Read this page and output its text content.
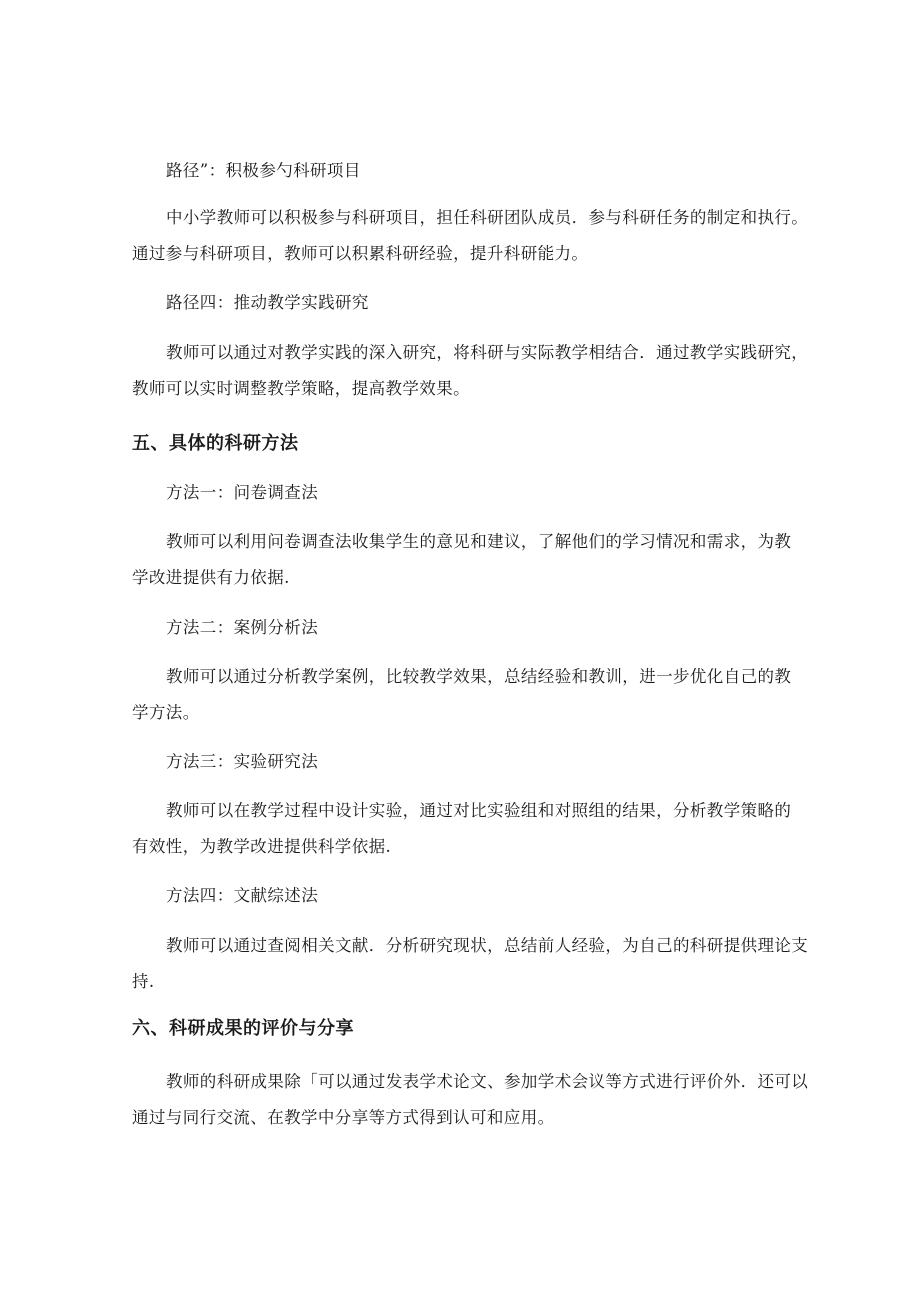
路径”：积极参勺科研项目
中小学教师可以积极参与科研项目，担任科研团队成员．参与科研任务的制定和执行。
通过参与科研项目，教师可以积累科研经验，提升科研能力。
路径四：推动教学实践研究
教师可以通过对教学实践的深入研究，将科研与实际教学相结合．通过教学实践研究，
教师可以实时调整教学策略，提高教学效果。
五、具体的科研方法
方法一：问卷调查法
教师可以利用问卷调查法收集学生的意见和建议，了解他们的学习情况和需求，为教
学改进提供有力依据.
方法二：案例分析法
教师可以通过分析教学案例，比较教学效果，总结经验和教训，进一步优化自己的教
学方法。
方法三：实验研究法
教师可以在教学过程中设计实验，通过对比实验组和对照组的结果，分析教学策略的
有效性，为教学改进提供科学依据.
方法四：文献综述法
教师可以通过查阅相关文献．分析研究现状，总结前人经验，为自己的科研提供理论支
持.
六、科研成果的评价与分享
教师的科研成果除「可以通过发表学术论文、参加学术会议等方式进行评价外．还可以
通过与同行交流、在教学中分享等方式得到认可和应用。
